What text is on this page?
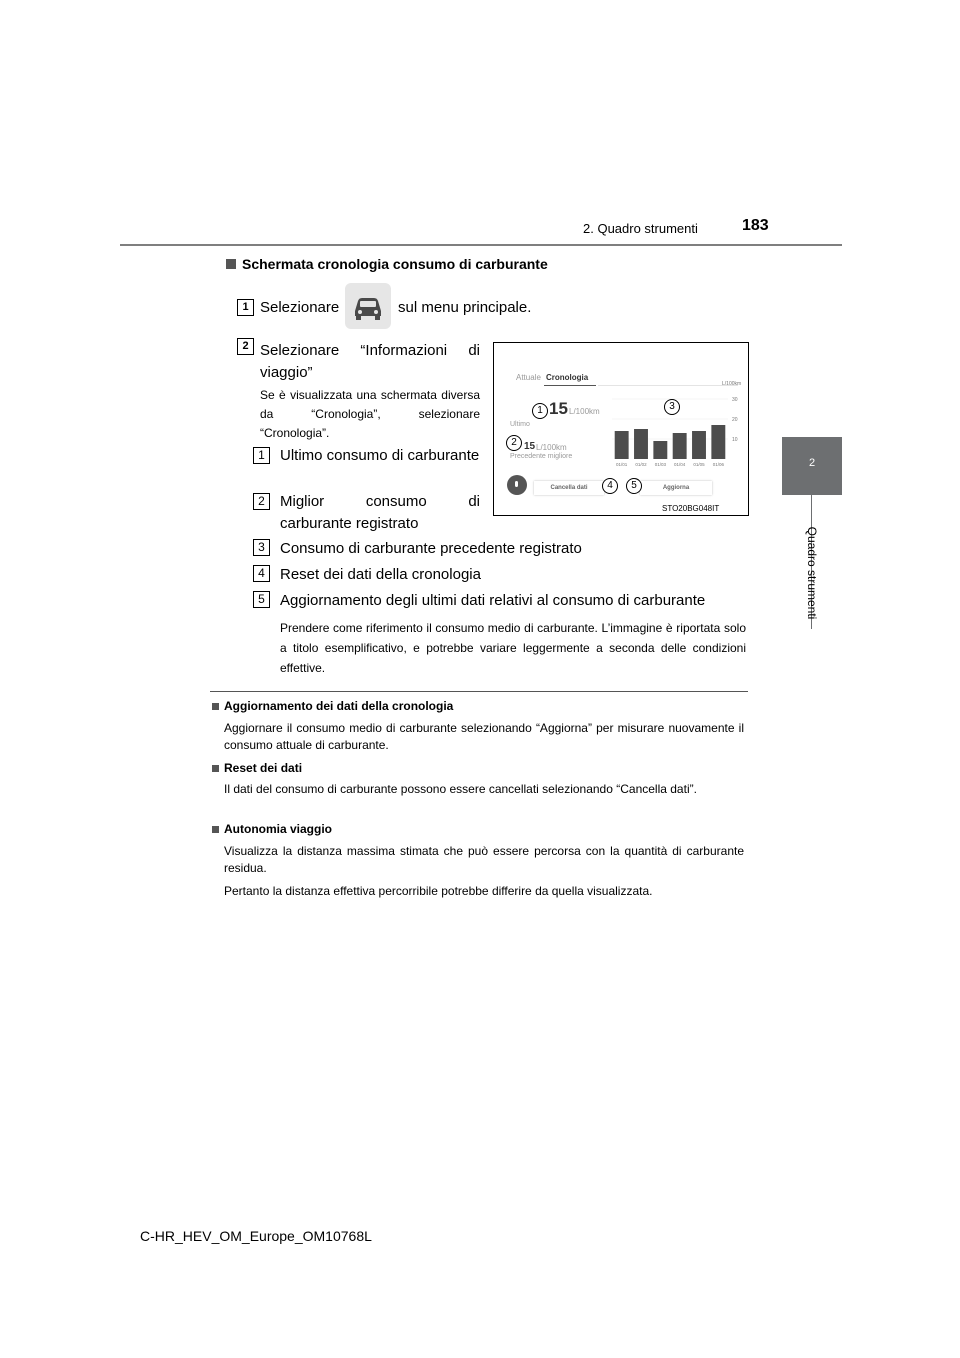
2. Quadro strumenti	183
2
Quadro strumenti
Schermata cronologia consumo di carburante
1 Selezionare	sul menu principale.
2 Selezionare “Informazioni di viaggio”
Se è visualizzata una schermata diversa da “Cronologia”, selezionare “Cronologia”.
1	Ultimo consumo di carburante
2	Miglior consumo di carburante registrato
3	Consumo di carburante precedente registrato
4	Reset dei dati della cronologia
5	Aggiornamento degli ultimi dati relativi al consumo di carburante
Prendere come riferimento il consumo medio di carburante. L’immagine è riportata solo a titolo esemplificativo, e potrebbe variare leggermente a seconda delle condizioni effettive.
Attuale Cronologia
L/100km
15 L/100km
Ultimo
15 L/100km
Precedente migliore
10
20
30
01/01 01/02 01/03 01/04 01/05 01/06
Cancella dati	Aggiorna
1
2
3
4	5
STO20BG048IT
Aggiornamento dei dati della cronologia
Aggiornare il consumo medio di carburante selezionando “Aggiorna” per misurare nuovamente il consumo attuale di carburante.
Reset dei dati
Il dati del consumo di carburante possono essere cancellati selezionando “Cancella dati”.
Autonomia viaggio
Visualizza la distanza massima stimata che può essere percorsa con la quantità di carburante residua.
Pertanto la distanza effettiva percorribile potrebbe differire da quella visualizzata.
C-HR_HEV_OM_Europe_OM10768L
